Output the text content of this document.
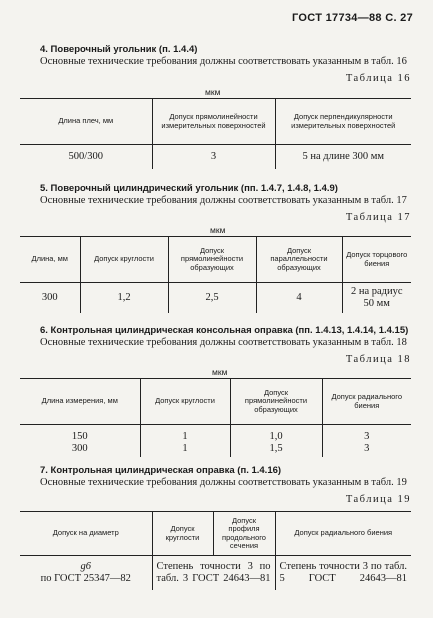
ГОСТ 17734—88 С. 27
4. Поверочный угольник (п. 1.4.4)
Основные технические требования должны соответствовать указанным в табл. 16
Таблица 16
мкм
Длина плеч, мм	Допуск прямолинейности измерительных поверхностей	Допуск перпендикулярности измерительных поверхностей
500/300	3	5 на длине 300 мм
5. Поверочный цилиндрический угольник (пп. 1.4.7, 1.4.8, 1.4.9)
Основные технические требования должны соответствовать указанным в табл. 17
Таблица 17
мкм
Длина, мм	Допуск круглости	Допуск прямолинейности образующих	Допуск параллельности образующих	Допуск торцового биения
300	1,2	2,5	4	2 на радиус 50 мм
6. Контрольная цилиндрическая консольная оправка (пп. 1.4.13, 1.4.14, 1.4.15)
Основные технические требования должны соответствовать указанным в табл. 18
Таблица 18
мкм
Длина измерения, мм	Допуск круглости	Допуск прямолинейности образующих	Допуск радиального биения
150	1	1,0	3
300	1	1,5	3
7. Контрольная цилиндрическая оправка (п. 1.4.16)
Основные технические требования должны соответствовать указанным в табл. 19
Таблица 19
Допуск на диаметр	Допуск круглости	Допуск профиля продольного сечения	Допуск радиального биения

g6
по ГОСТ 25347—82	Степень точности 3 по табл. 3 ГОСТ 24643—81		Степень точности 3 по табл. 5 ГОСТ 24643—81
